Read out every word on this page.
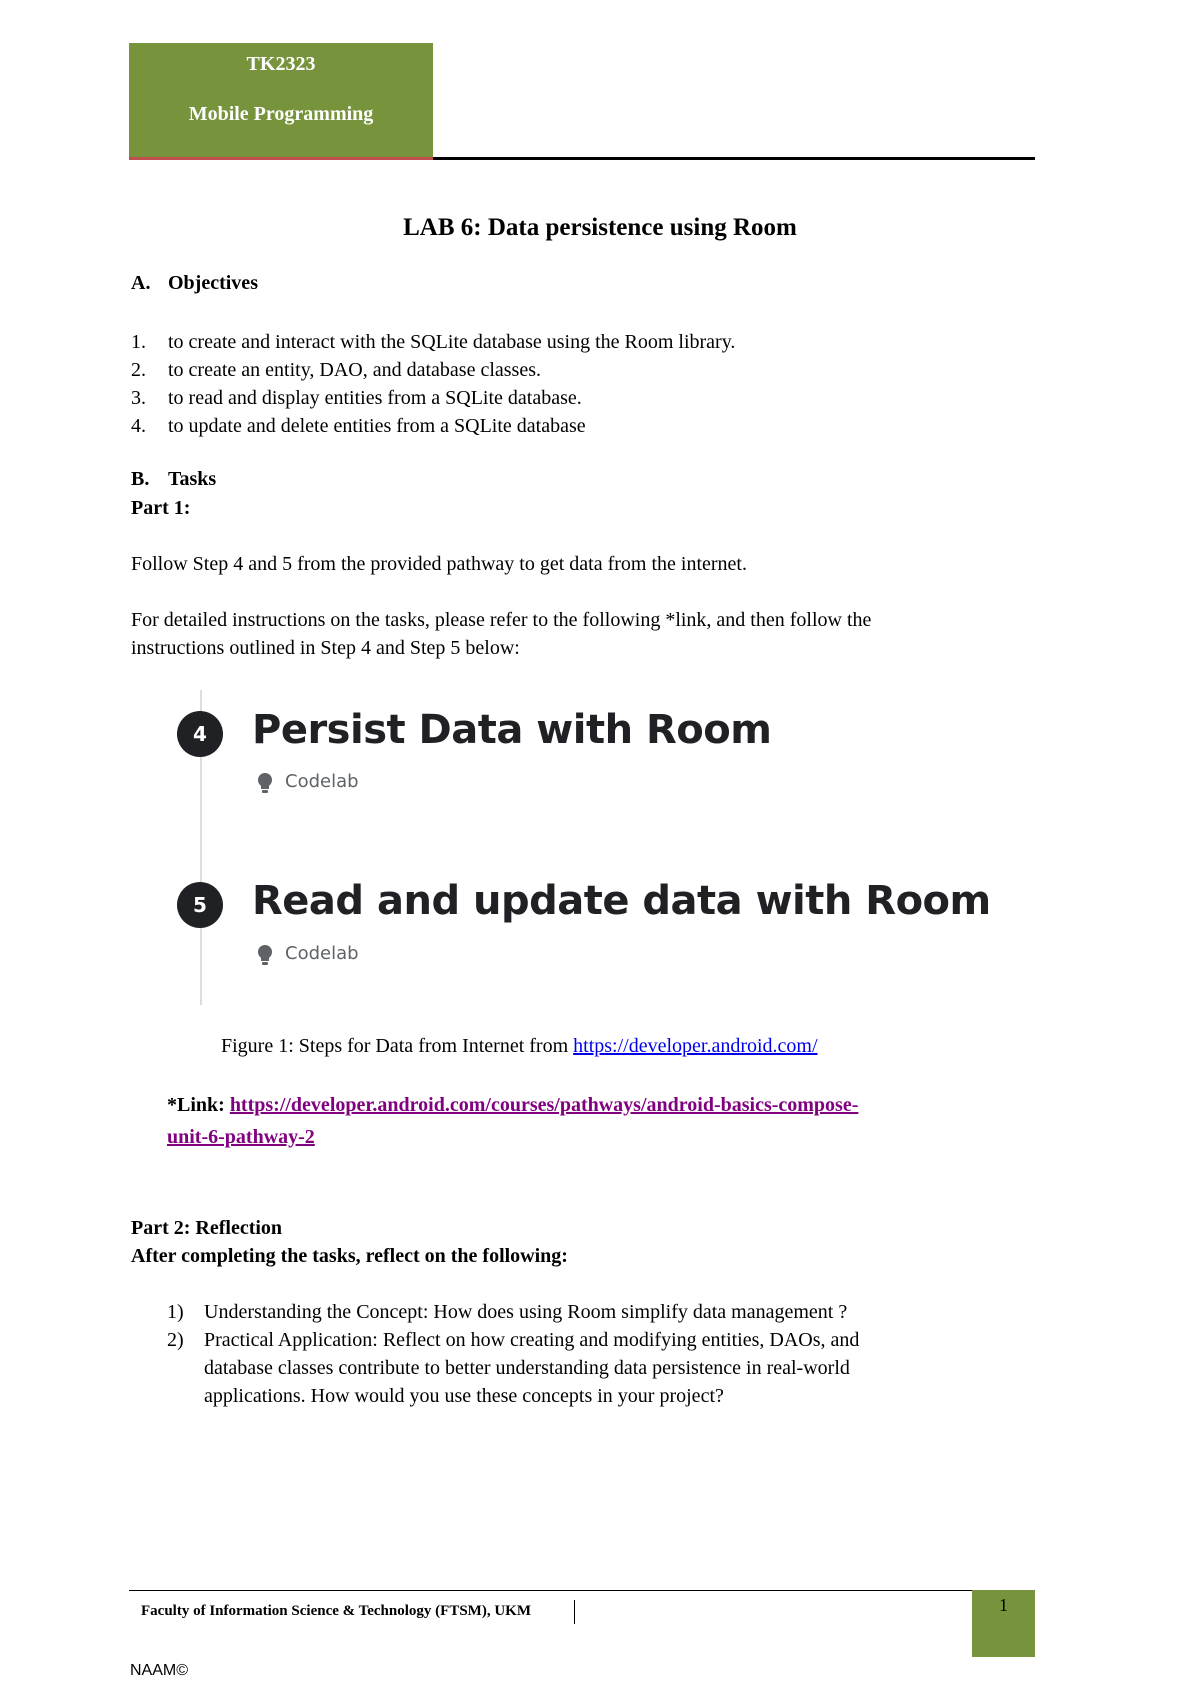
TK2323
Mobile Programming
LAB 6: Data persistence using Room
A. Objectives
1. to create and interact with the SQLite database using the Room library.
2. to create an entity, DAO, and database classes.
3. to read and display entities from a SQLite database.
4. to update and delete entities from a SQLite database
B. Tasks
Part 1:
Follow Step 4 and 5 from the provided pathway to get data from the internet.
For detailed instructions on the tasks, please refer to the following *link, and then follow the
instructions outlined in Step 4 and Step 5 below:
4	Persist Data with Room
Codelab
5	Read and update data with Room
Codelab
Figure 1: Steps for Data from Internet from https://developer.android.com/
*Link: https://developer.android.com/courses/pathways/android-basics-compose-
unit-6-pathway-2
Part 2: Reflection
After completing the tasks, reflect on the following:
1) Understanding the Concept: How does using Room simplify data management ?
2) Practical Application: Reflect on how creating and modifying entities, DAOs, and
database classes contribute to better understanding data persistence in real-world
applications. How would you use these concepts in your project?
Faculty of Information Science & Technology (FTSM), UKM	1
NAAM©
